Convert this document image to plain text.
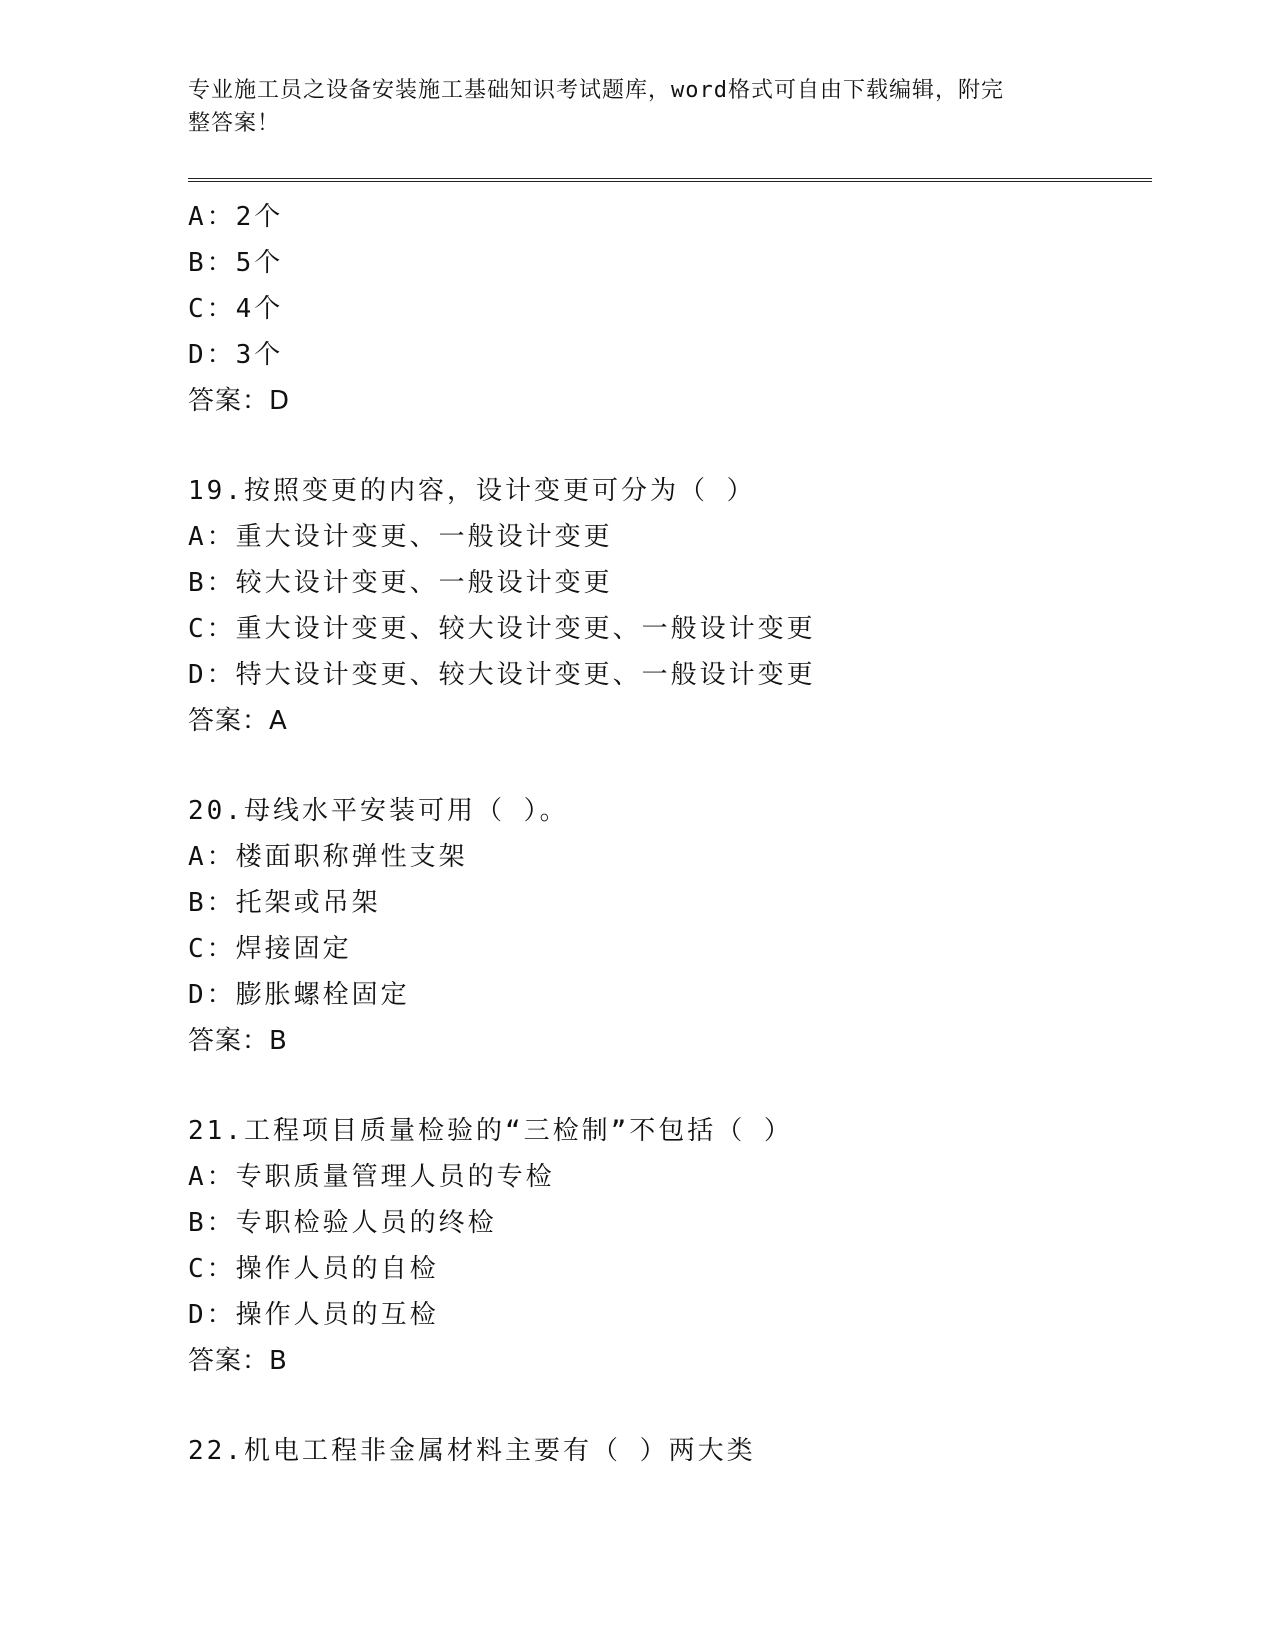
专业施工员之设备安装施工基础知识考试题库，word格式可自由下载编辑，附完
整答案！
A：2个
B：5个
C：4个
D：3个
答案：D
19.按照变更的内容，设计变更可分为（ ）
A：重大设计变更、一般设计变更
B：较大设计变更、一般设计变更
C：重大设计变更、较大设计变更、一般设计变更
D：特大设计变更、较大设计变更、一般设计变更
答案：A
20.母线水平安装可用（ ）。
A：楼面职称弹性支架
B：托架或吊架
C：焊接固定
D：膨胀螺栓固定
答案：B
21.工程项目质量检验的“三检制”不包括（ ）
A：专职质量管理人员的专检
B：专职检验人员的终检
C：操作人员的自检
D：操作人员的互检
答案：B
22.机电工程非金属材料主要有（ ）两大类
